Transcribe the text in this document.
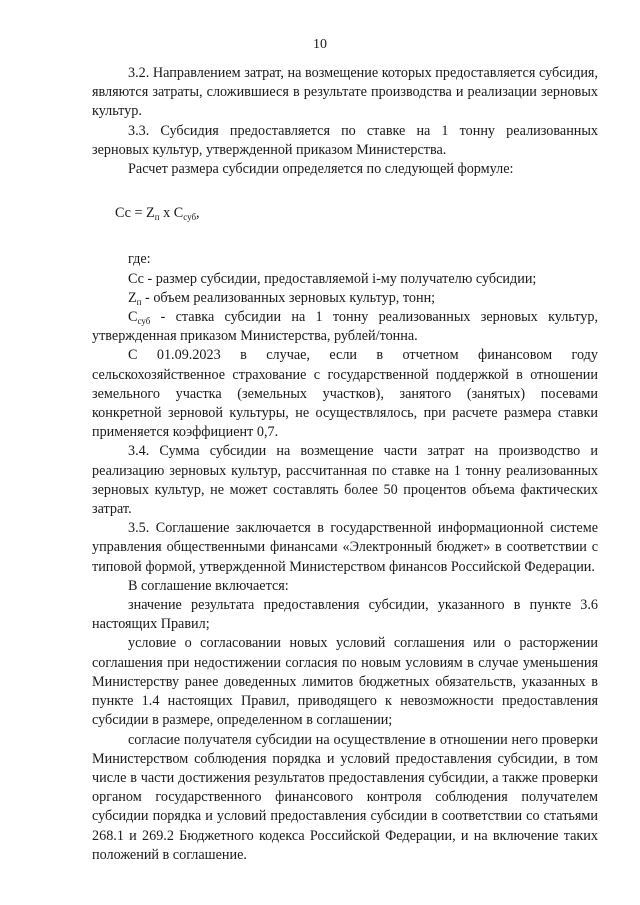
10

3.2. Направлением затрат, на возмещение которых предоставляется субсидия, являются затраты, сложившиеся в результате производства и реализации зерновых культур.

3.3. Субсидия предоставляется по ставке на 1 тонну реализованных зерновых культур, утвержденной приказом Министерства.

Расчет размера субсидии определяется по следующей формуле:

Сс = $Z_п$ х $С_{суб}$,

где:

Сс - размер субсидии, предоставляемой i-му получателю субсидии;

$Z_п$ - объем реализованных зерновых культур, тонн;

$С_{суб}$ - ставка субсидии на 1 тонну реализованных зерновых культур, утвержденная приказом Министерства, рублей/тонна.

С 01.09.2023 в случае, если в отчетном финансовом году сельскохозяйственное страхование с государственной поддержкой в отношении земельного участка (земельных участков), занятого (занятых) посевами конкретной зерновой культуры, не осуществлялось, при расчете размера ставки применяется коэффициент 0,7.

3.4. Сумма субсидии на возмещение части затрат на производство и реализацию зерновых культур, рассчитанная по ставке на 1 тонну реализованных зерновых культур, не может составлять более 50 процентов объема фактических затрат.

3.5. Соглашение заключается в государственной информационной системе управления общественными финансами «Электронный бюджет» в соответствии с типовой формой, утвержденной Министерством финансов Российской Федерации.

В соглашение включается:

значение результата предоставления субсидии, указанного в пункте 3.6 настоящих Правил;

условие о согласовании новых условий соглашения или о расторжении соглашения при недостижении согласия по новым условиям в случае уменьшения Министерству ранее доведенных лимитов бюджетных обязательств, указанных в пункте 1.4 настоящих Правил, приводящего к невозможности предоставления субсидии в размере, определенном в соглашении;

согласие получателя субсидии на осуществление в отношении него проверки Министерством соблюдения порядка и условий предоставления субсидии, в том числе в части достижения результатов предоставления субсидии, а также проверки органом государственного финансового контроля соблюдения получателем субсидии порядка и условий предоставления субсидии в соответствии со статьями 268.1 и 269.2 Бюджетного кодекса Российской Федерации, и на включение таких положений в соглашение.
